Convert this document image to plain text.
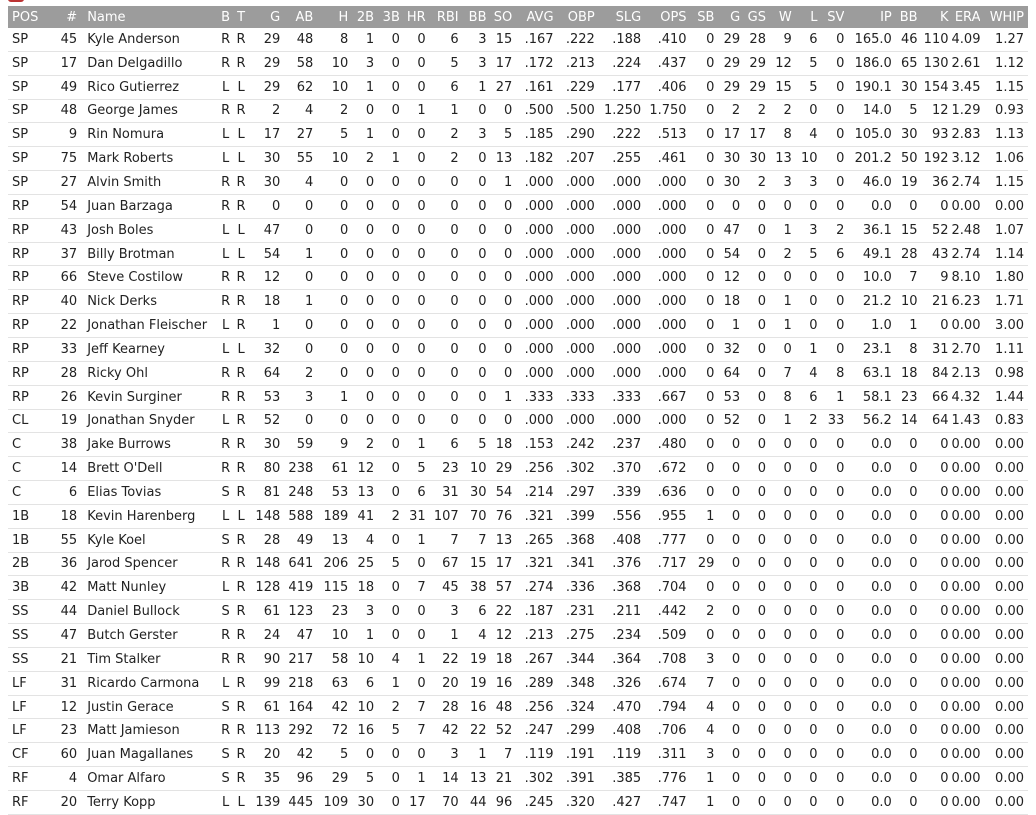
POS	#	Name	B	T	G	AB	H	2B	3B	HR	RBI	BB	SO	AVG	OBP	SLG	OPS	SB	G	GS	W	L	SV	IP	BB	K	ERA	WHIP
SP	45	Kyle Anderson	R	R	29	48	8	1	0	0	6	3	15	.167	.222	.188	.410	0	29	28	9	6	0	165.0	46	110	4.09	1.27
SP	17	Dan Delgadillo	R	R	29	58	10	3	0	0	5	3	17	.172	.213	.224	.437	0	29	29	12	5	0	186.0	65	130	2.61	1.12
SP	49	Rico Gutierrez	L	L	29	62	10	1	0	0	6	1	27	.161	.229	.177	.406	0	29	29	15	5	0	190.1	30	154	3.45	1.15
SP	48	George James	R	R	2	4	2	0	0	1	1	0	0	.500	.500	1.250	1.750	0	2	2	2	0	0	14.0	5	12	1.29	0.93
SP	9	Rin Nomura	L	L	17	27	5	1	0	0	2	3	5	.185	.290	.222	.513	0	17	17	8	4	0	105.0	30	93	2.83	1.13
SP	75	Mark Roberts	L	L	30	55	10	2	1	0	2	0	13	.182	.207	.255	.461	0	30	30	13	10	0	201.2	50	192	3.12	1.06
SP	27	Alvin Smith	R	R	30	4	0	0	0	0	0	0	1	.000	.000	.000	.000	0	30	2	3	3	0	46.0	19	36	2.74	1.15
RP	54	Juan Barzaga	R	R	0	0	0	0	0	0	0	0	0	.000	.000	.000	.000	0	0	0	0	0	0	0.0	0	0	0.00	0.00
RP	43	Josh Boles	L	L	47	0	0	0	0	0	0	0	0	.000	.000	.000	.000	0	47	0	1	3	2	36.1	15	52	2.48	1.07
RP	37	Billy Brotman	L	L	54	1	0	0	0	0	0	0	0	.000	.000	.000	.000	0	54	0	2	5	6	49.1	28	43	2.74	1.14
RP	66	Steve Costilow	R	R	12	0	0	0	0	0	0	0	0	.000	.000	.000	.000	0	12	0	0	0	0	10.0	7	9	8.10	1.80
RP	40	Nick Derks	R	R	18	1	0	0	0	0	0	0	0	.000	.000	.000	.000	0	18	0	1	0	0	21.2	10	21	6.23	1.71
RP	22	Jonathan Fleischer	L	R	1	0	0	0	0	0	0	0	0	.000	.000	.000	.000	0	1	0	1	0	0	1.0	1	0	0.00	3.00
RP	33	Jeff Kearney	L	L	32	0	0	0	0	0	0	0	0	.000	.000	.000	.000	0	32	0	0	1	0	23.1	8	31	2.70	1.11
RP	28	Ricky Ohl	R	R	64	2	0	0	0	0	0	0	0	.000	.000	.000	.000	0	64	0	7	4	8	63.1	18	84	2.13	0.98
RP	26	Kevin Surginer	R	R	53	3	1	0	0	0	0	0	1	.333	.333	.333	.667	0	53	0	8	6	1	58.1	23	66	4.32	1.44
CL	19	Jonathan Snyder	L	R	52	0	0	0	0	0	0	0	0	.000	.000	.000	.000	0	52	0	1	2	33	56.2	14	64	1.43	0.83
C	38	Jake Burrows	R	R	30	59	9	2	0	1	6	5	18	.153	.242	.237	.480	0	0	0	0	0	0	0.0	0	0	0.00	0.00
C	14	Brett O'Dell	R	R	80	238	61	12	0	5	23	10	29	.256	.302	.370	.672	0	0	0	0	0	0	0.0	0	0	0.00	0.00
C	6	Elias Tovias	S	R	81	248	53	13	0	6	31	30	54	.214	.297	.339	.636	0	0	0	0	0	0	0.0	0	0	0.00	0.00
1B	18	Kevin Harenberg	L	L	148	588	189	41	2	31	107	70	76	.321	.399	.556	.955	1	0	0	0	0	0	0.0	0	0	0.00	0.00
1B	55	Kyle Koel	S	R	28	49	13	4	0	1	7	7	13	.265	.368	.408	.777	0	0	0	0	0	0	0.0	0	0	0.00	0.00
2B	36	Jarod Spencer	R	R	148	641	206	25	5	0	67	15	17	.321	.341	.376	.717	29	0	0	0	0	0	0.0	0	0	0.00	0.00
3B	42	Matt Nunley	L	R	128	419	115	18	0	7	45	38	57	.274	.336	.368	.704	0	0	0	0	0	0	0.0	0	0	0.00	0.00
SS	44	Daniel Bullock	S	R	61	123	23	3	0	0	3	6	22	.187	.231	.211	.442	2	0	0	0	0	0	0.0	0	0	0.00	0.00
SS	47	Butch Gerster	R	R	24	47	10	1	0	0	1	4	12	.213	.275	.234	.509	0	0	0	0	0	0	0.0	0	0	0.00	0.00
SS	21	Tim Stalker	R	R	90	217	58	10	4	1	22	19	18	.267	.344	.364	.708	3	0	0	0	0	0	0.0	0	0	0.00	0.00
LF	31	Ricardo Carmona	L	R	99	218	63	6	1	0	20	19	16	.289	.348	.326	.674	7	0	0	0	0	0	0.0	0	0	0.00	0.00
LF	12	Justin Gerace	S	R	61	164	42	10	2	7	28	16	48	.256	.324	.470	.794	4	0	0	0	0	0	0.0	0	0	0.00	0.00
LF	23	Matt Jamieson	R	R	113	292	72	16	5	7	42	22	52	.247	.299	.408	.706	4	0	0	0	0	0	0.0	0	0	0.00	0.00
CF	60	Juan Magallanes	S	R	20	42	5	0	0	0	3	1	7	.119	.191	.119	.311	3	0	0	0	0	0	0.0	0	0	0.00	0.00
RF	4	Omar Alfaro	S	R	35	96	29	5	0	1	14	13	21	.302	.391	.385	.776	1	0	0	0	0	0	0.0	0	0	0.00	0.00
RF	20	Terry Kopp	L	L	139	445	109	30	0	17	70	44	96	.245	.320	.427	.747	1	0	0	0	0	0	0.0	0	0	0.00	0.00
